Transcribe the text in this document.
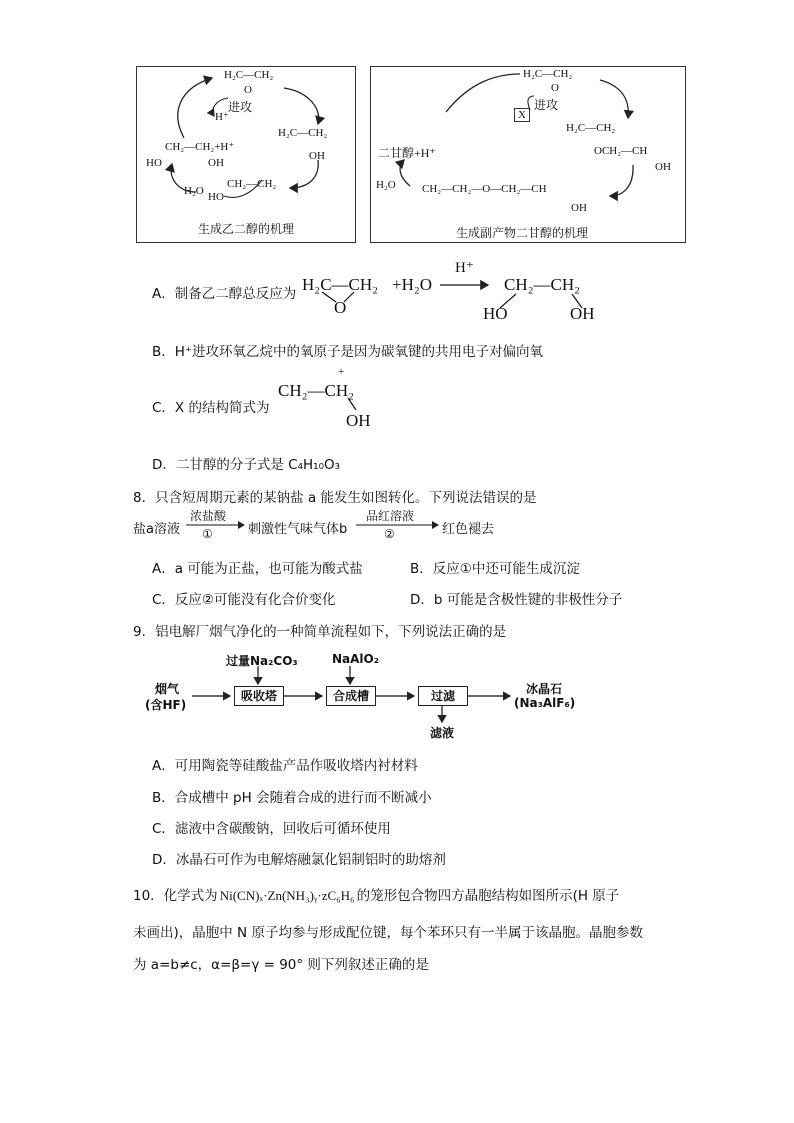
H₂C—CH₂
O
进攻
H⁺
H₂C—CH₂
OH
CH₂—CH₂+H⁺
HO	OH
H₂O
CH₂—CH₂
HO
生成乙二醇的机理
H₂C—CH₂
O
进攻
X
H₂C—CH₂
OCH₂—CH
OH
二甘醇+H⁺
H₂O CH₂—CH₂—O—CH₂—CH
OH
生成副产物二甘醇的机理
A．制备乙二醇总反应为 H₂C—CH₂
O
+H₂O
H⁺
CH₂—CH₂
HO	OH
B．H⁺进攻环氧乙烷中的氧原子是因为碳氧键的共用电子对偏向氧
C．X 的结构简式为
CH₂—CH₂
+
OH
D．二甘醇的分子式是 C₄H₁₀O₃
8．只含短周期元素的某钠盐 a 能发生如图转化。下列说法错误的是
盐a溶液
浓盐酸
①	刺激性气味气体b
品红溶液
②	红色褪去
A．a 可能为正盐，也可能为酸式盐	B．反应①中还可能生成沉淀
C．反应②可能没有化合价变化	D．b 可能是含极性键的非极性分子
9．铝电解厂烟气净化的一种简单流程如下，下列说法正确的是
烟气
(含HF)
过量Na₂CO₃	NaAlO₂
吸收塔	合成槽	过滤
滤液
冰晶石
(Na₃AlF₆)
A．可用陶瓷等硅酸盐产品作吸收塔内衬材料
B．合成槽中 pH 会随着合成的进行而不断减小
C．滤液中含碳酸钠，回收后可循环使用
D．冰晶石可作为电解熔融氯化铝制铝时的助熔剂
10．化学式为 Ni(CN)ₓ·Zn(NH₃)ᵧ·zC₆H₆ 的笼形包合物四方晶胞结构如图所示(H 原子
未画出)，晶胞中 N 原子均参与形成配位键，每个苯环只有一半属于该晶胞。晶胞参数
为 a=b≠c，α=β=γ = 90° 则下列叙述正确的是
